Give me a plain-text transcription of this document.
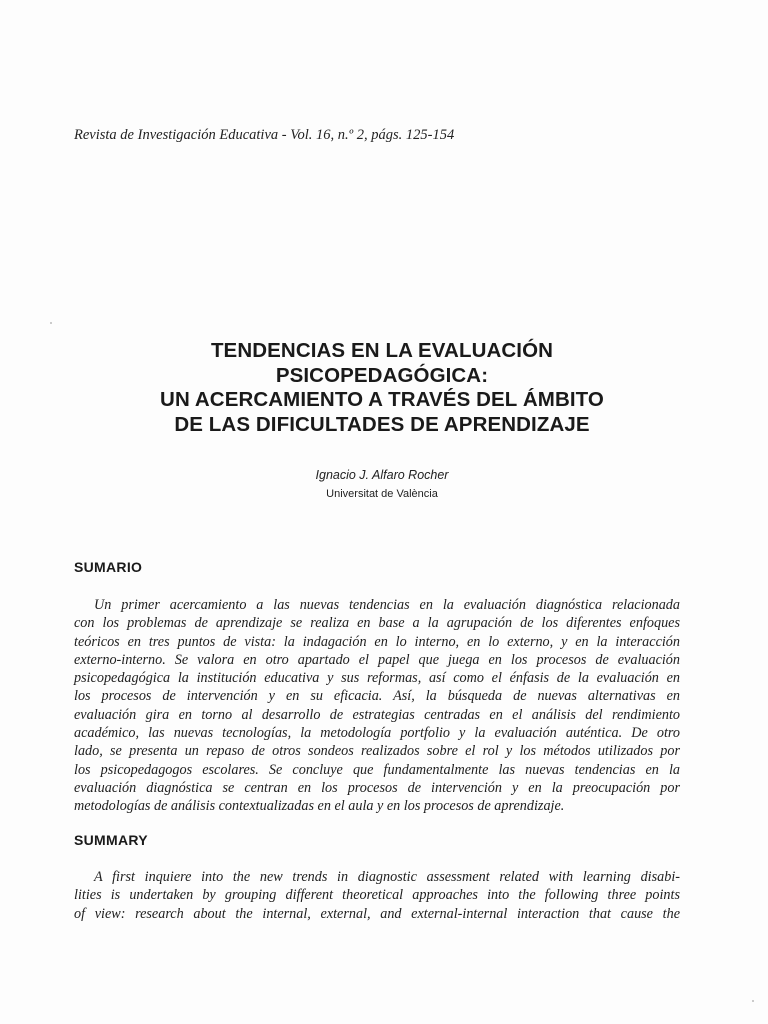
Revista de Investigación Educativa - Vol. 16, n.º 2, págs. 125-154
TENDENCIAS EN LA EVALUACIÓN
PSICOPEDAGÓGICA:
UN ACERCAMIENTO A TRAVÉS DEL ÁMBITO
DE LAS DIFICULTADES DE APRENDIZAJE
Ignacio J. Alfaro Rocher
Universitat de València
SUMARIO
Un primer acercamiento a las nuevas tendencias en la evaluación diagnóstica relacionada
con los problemas de aprendizaje se realiza en base a la agrupación de los diferentes enfoques
teóricos en tres puntos de vista: la indagación en lo interno, en lo externo, y en la interacción
externo-interno. Se valora en otro apartado el papel que juega en los procesos de evaluación
psicopedagógica la institución educativa y sus reformas, así como el énfasis de la evaluación en
los procesos de intervención y en su eficacia. Así, la búsqueda de nuevas alternativas en
evaluación gira en torno al desarrollo de estrategias centradas en el análisis del rendimiento
académico, las nuevas tecnologías, la metodología portfolio y la evaluación auténtica. De otro
lado, se presenta un repaso de otros sondeos realizados sobre el rol y los métodos utilizados por
los psicopedagogos escolares. Se concluye que fundamentalmente las nuevas tendencias en la
evaluación diagnóstica se centran en los procesos de intervención y en la preocupación por
metodologías de análisis contextualizadas en el aula y en los procesos de aprendizaje.
SUMMARY
A first inquiere into the new trends in diagnostic assessment related with learning disabi-
lities is undertaken by grouping different theoretical approaches into the following three points
of view: research about the internal, external, and external-internal interaction that cause the
